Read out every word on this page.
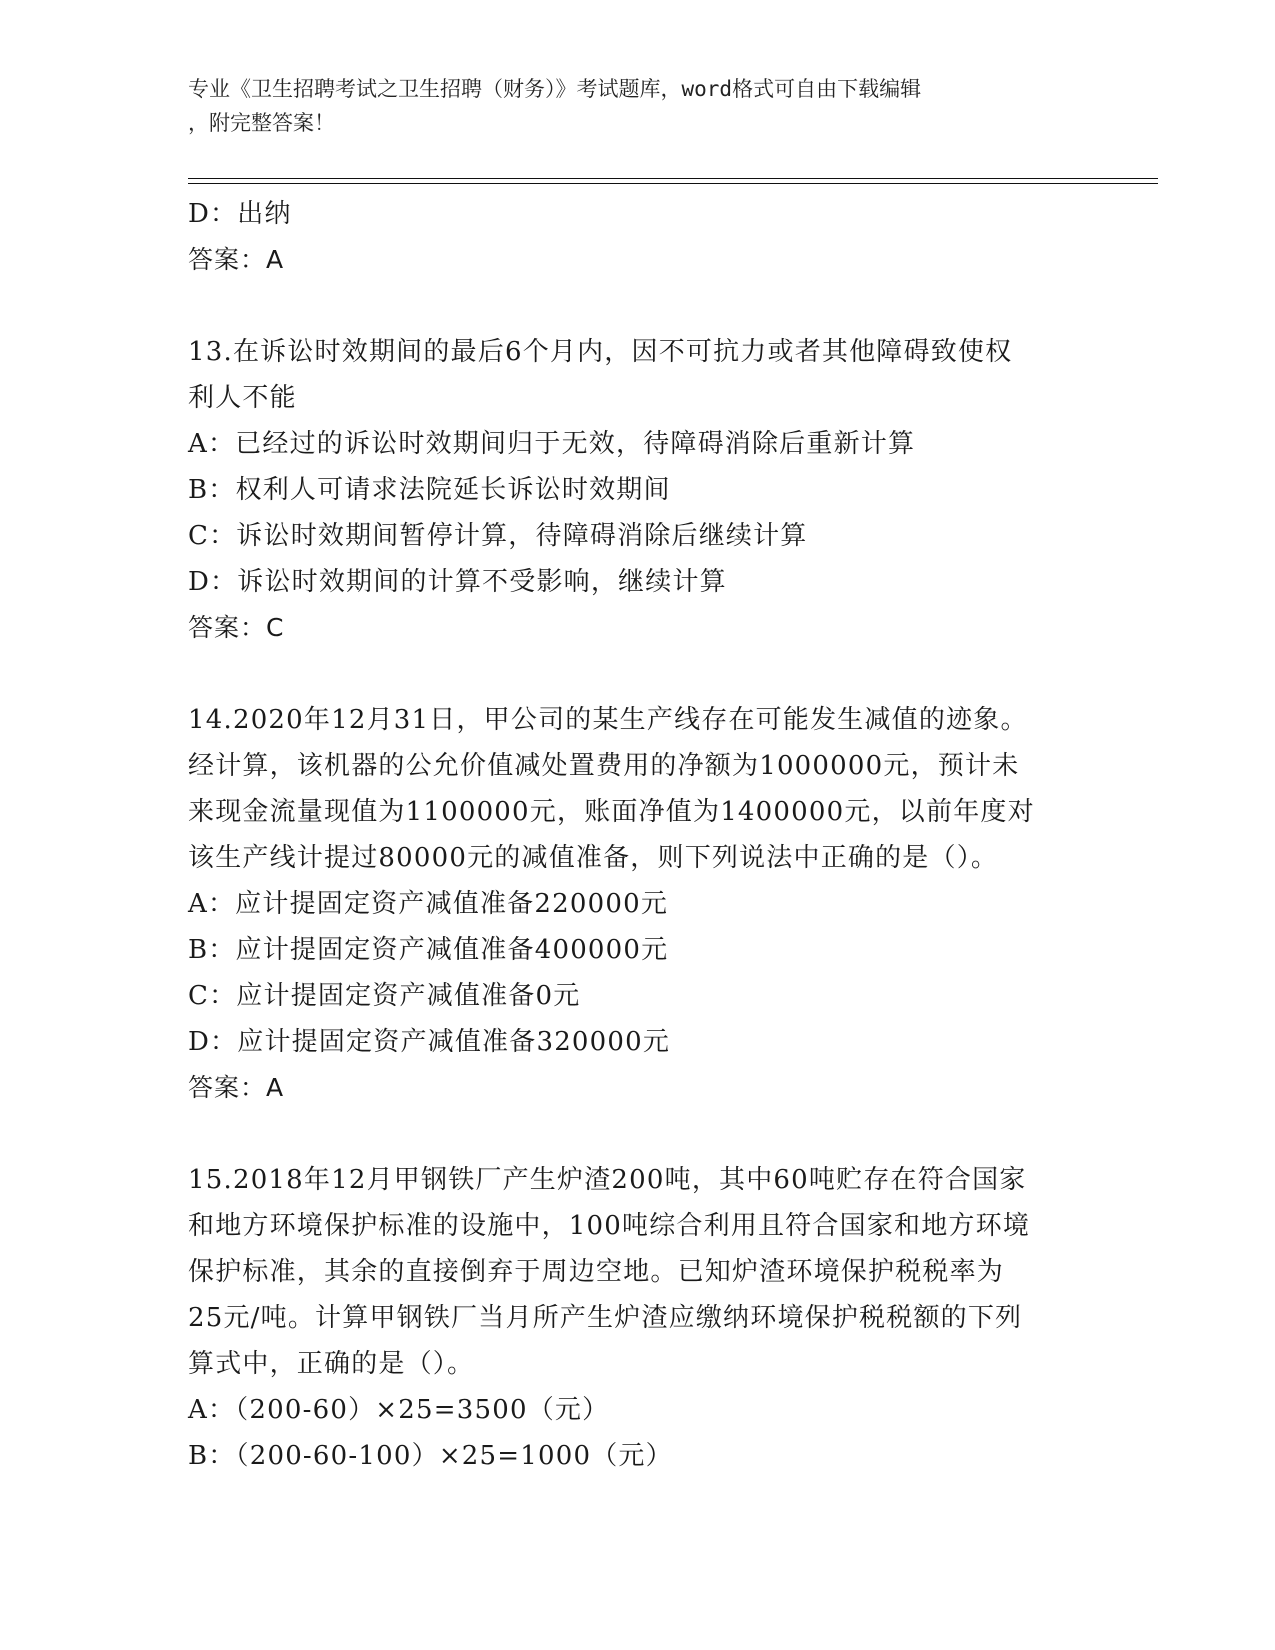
专业《卫生招聘考试之卫生招聘（财务）》考试题库，word格式可自由下载编辑
，附完整答案！
D：出纳
答案：A
13.在诉讼时效期间的最后6个月内，因不可抗力或者其他障碍致使权
利人不能
A：已经过的诉讼时效期间归于无效，待障碍消除后重新计算
B：权利人可请求法院延长诉讼时效期间
C：诉讼时效期间暂停计算，待障碍消除后继续计算
D：诉讼时效期间的计算不受影响，继续计算
答案：C
14.2020年12月31日，甲公司的某生产线存在可能发生减值的迹象。
经计算，该机器的公允价值减处置费用的净额为1000000元，预计未
来现金流量现值为1100000元，账面净值为1400000元，以前年度对
该生产线计提过80000元的减值准备，则下列说法中正确的是（）。
A：应计提固定资产减值准备220000元
B：应计提固定资产减值准备400000元
C：应计提固定资产减值准备0元
D：应计提固定资产减值准备320000元
答案：A
15.2018年12月甲钢铁厂产生炉渣200吨，其中60吨贮存在符合国家
和地方环境保护标准的设施中，100吨综合利用且符合国家和地方环境
保护标准，其余的直接倒弃于周边空地。已知炉渣环境保护税税率为
25元/吨。计算甲钢铁厂当月所产生炉渣应缴纳环境保护税税额的下列
算式中，正确的是（）。
A：（200-60）×25=3500（元）
B：（200-60-100）×25=1000（元）
